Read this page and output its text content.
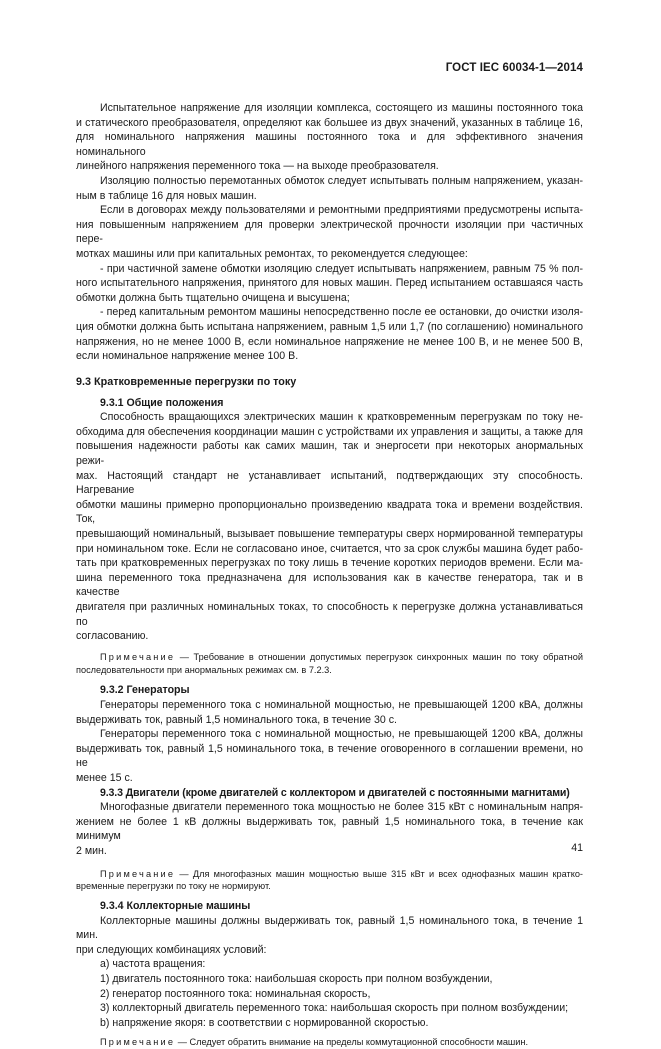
ГОСТ IEC 60034-1—2014
Испытательное напряжение для изоляции комплекса, состоящего из машины постоянного тока
и статического преобразователя, определяют как большее из двух значений, указанных в таблице 16,
для номинального напряжения машины постоянного тока и для эффективного значения номинального
линейного напряжения переменного тока — на выходе преобразователя.
Изоляцию полностью перемотанных обмоток следует испытывать полным напряжением, указан-
ным в таблице 16 для новых машин.
Если в договорах между пользователями и ремонтными предприятиями предусмотрены испыта-
ния повышенным напряжением для проверки электрической прочности изоляции при частичных пере-
мотках машины или при капитальных ремонтах, то рекомендуется следующее:
- при частичной замене обмотки изоляцию следует испытывать напряжением, равным 75 % пол-
ного испытательного напряжения, принятого для новых машин. Перед испытанием оставшаяся часть
обмотки должна быть тщательно очищена и высушена;
- перед капитальным ремонтом машины непосредственно после ее остановки, до очистки изоля-
ция обмотки должна быть испытана напряжением, равным 1,5 или 1,7 (по соглашению) номинального
напряжения, но не менее 1000 В, если номинальное напряжение не менее 100 В, и не менее 500 В,
если номинальное напряжение менее 100 В.
9.3 Кратковременные перегрузки по току
9.3.1 Общие положения
Способность вращающихся электрических машин к кратковременным перегрузкам по току не-
обходима для обеспечения координации машин с устройствами их управления и защиты, а также для
повышения надежности работы как самих машин, так и энергосети при некоторых анормальных режи-
мах. Настоящий стандарт не устанавливает испытаний, подтверждающих эту способность. Нагревание
обмотки машины примерно пропорционально произведению квадрата тока и времени воздействия. Ток,
превышающий номинальный, вызывает повышение температуры сверх нормированной температуры
при номинальном токе. Если не согласовано иное, считается, что за срок службы машина будет рабо-
тать при кратковременных перегрузках по току лишь в течение коротких периодов времени. Если ма-
шина переменного тока предназначена для использования как в качестве генератора, так и в качестве
двигателя при различных номинальных токах, то способность к перегрузке должна устанавливаться по
согласованию.
Примечание — Требование в отношении допустимых перегрузок синхронных машин по току обратной
последовательности при анормальных режимах см. в 7.2.3.
9.3.2 Генераторы
Генераторы переменного тока с номинальной мощностью, не превышающей 1200 кВА, должны
выдерживать ток, равный 1,5 номинального тока, в течение 30 с.
Генераторы переменного тока с номинальной мощностью, не превышающей 1200 кВА, должны
выдерживать ток, равный 1,5 номинального тока, в течение оговоренного в соглашении времени, но не
менее 15 с.
9.3.3 Двигатели (кроме двигателей с коллектором и двигателей с постоянными магнитами)
Многофазные двигатели переменного тока мощностью не более 315 кВт с номинальным напря-
жением не более 1 кВ должны выдерживать ток, равный 1,5 номинального тока, в течение как минимум
2 мин.
Примечание — Для многофазных машин мощностью выше 315 кВт и всех однофазных машин кратко-
временные перегрузки по току не нормируют.
9.3.4 Коллекторные машины
Коллекторные машины должны выдерживать ток, равный 1,5 номинального тока, в течение 1 мин.
при следующих комбинациях условий:
а) частота вращения:
1) двигатель постоянного тока: наибольшая скорость при полном возбуждении,
2) генератор постоянного тока: номинальная скорость,
3) коллекторный двигатель переменного тока: наибольшая скорость при полном возбуждении;
b) напряжение якоря: в соответствии с нормированной скоростью.
Примечание — Следует обратить внимание на пределы коммутационной способности машин.
41
